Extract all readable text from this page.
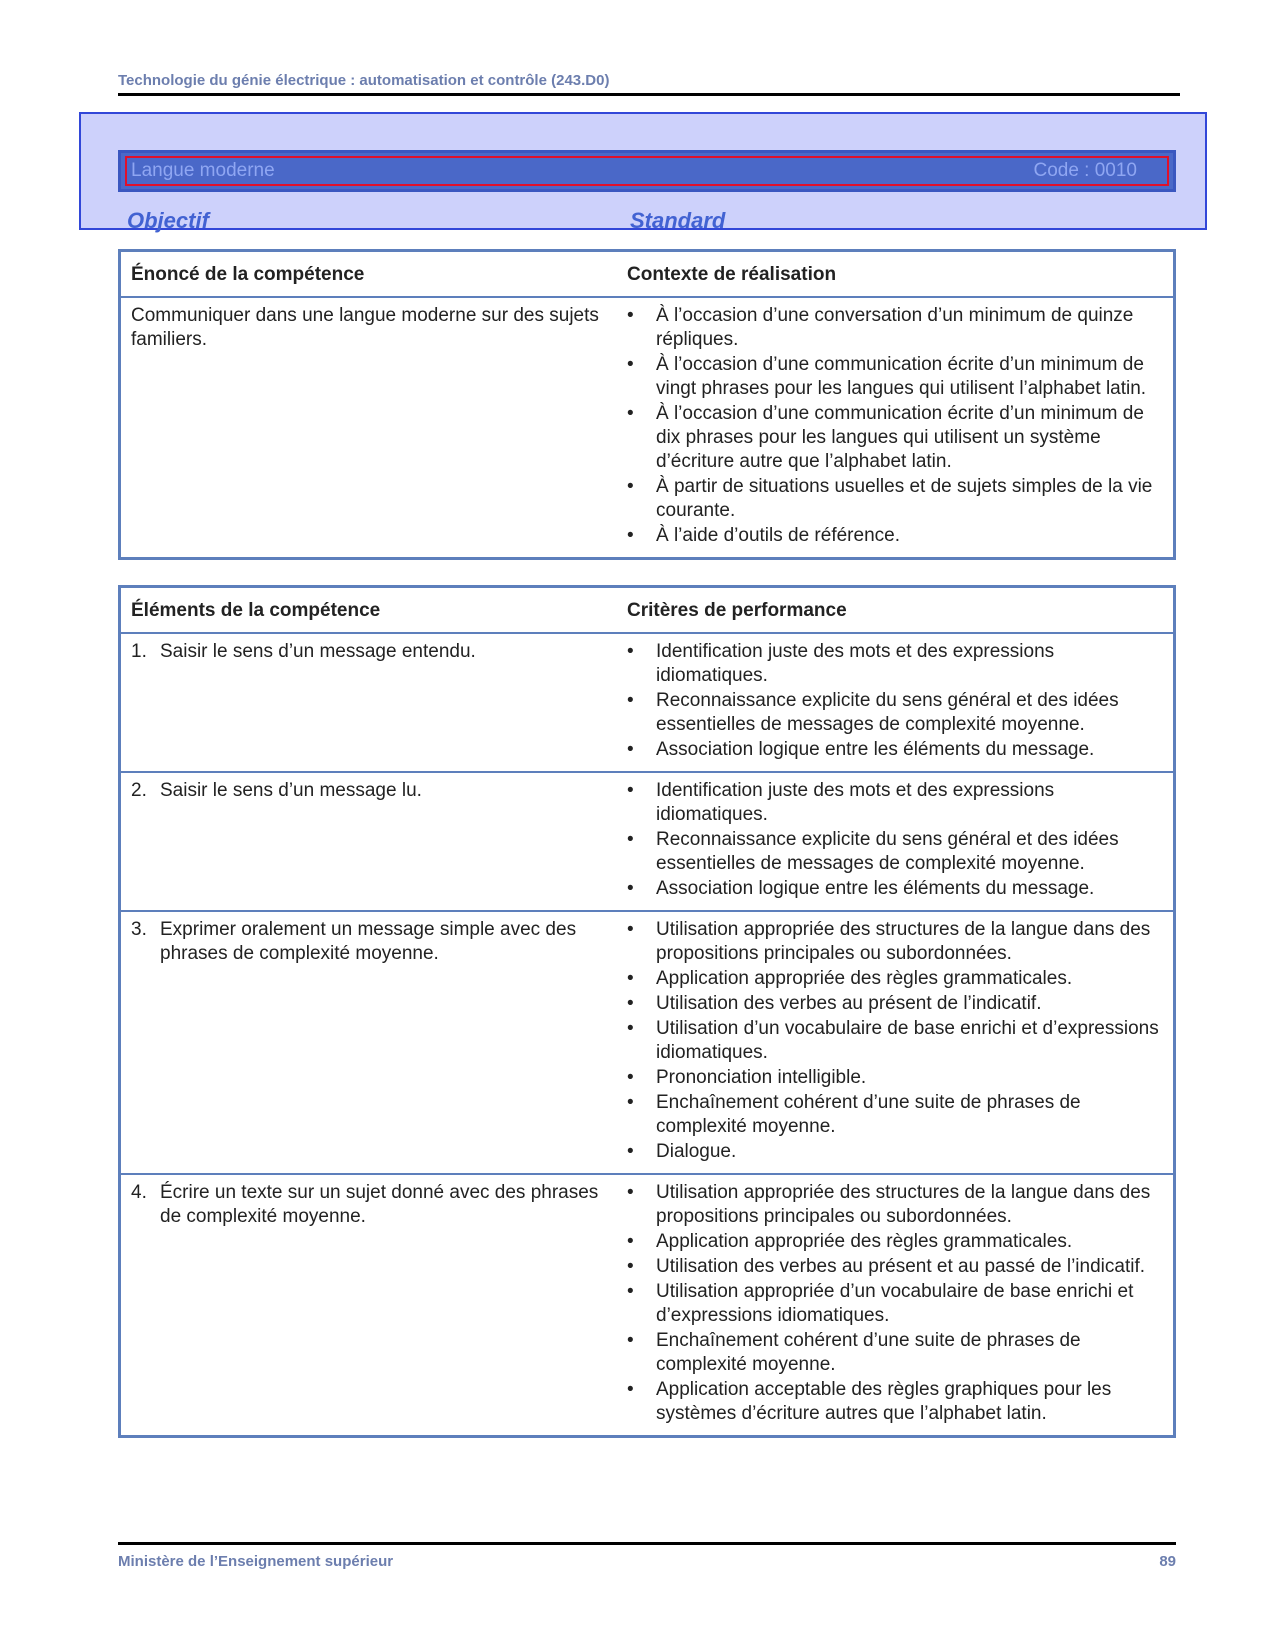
Technologie du génie électrique : automatisation et contrôle (243.D0)
Langue moderne	Code : 0010
Objectif	Standard
Énoncé de la compétence	Contexte de réalisation
Communiquer dans une langue moderne sur des sujets familiers.
• À l’occasion d’une conversation d’un minimum de quinze répliques.
• À l’occasion d’une communication écrite d’un minimum de vingt phrases pour les langues qui utilisent l’alphabet latin.
• À l’occasion d’une communication écrite d’un minimum de dix phrases pour les langues qui utilisent un système d’écriture autre que l’alphabet latin.
• À partir de situations usuelles et de sujets simples de la vie courante.
• À l’aide d’outils de référence.
Éléments de la compétence	Critères de performance
1. Saisir le sens d’un message entendu.	• Identification juste des mots et des expressions idiomatiques.
• Reconnaissance explicite du sens général et des idées essentielles de messages de complexité moyenne.
• Association logique entre les éléments du message.
2. Saisir le sens d’un message lu.	• Identification juste des mots et des expressions idiomatiques.
• Reconnaissance explicite du sens général et des idées essentielles de messages de complexité moyenne.
• Association logique entre les éléments du message.
3. Exprimer oralement un message simple avec des phrases de complexité moyenne.
• Utilisation appropriée des structures de la langue dans des propositions principales ou subordonnées.
• Application appropriée des règles grammaticales.
• Utilisation des verbes au présent de l’indicatif.
• Utilisation d’un vocabulaire de base enrichi et d’expressions idiomatiques.
• Prononciation intelligible.
• Enchaînement cohérent d’une suite de phrases de complexité moyenne.
• Dialogue.
4. Écrire un texte sur un sujet donné avec des phrases de complexité moyenne.
• Utilisation appropriée des structures de la langue dans des propositions principales ou subordonnées.
• Application appropriée des règles grammaticales.
• Utilisation des verbes au présent et au passé de l’indicatif.
• Utilisation appropriée d’un vocabulaire de base enrichi et d’expressions idiomatiques.
• Enchaînement cohérent d’une suite de phrases de complexité moyenne.
• Application acceptable des règles graphiques pour les systèmes d’écriture autres que l’alphabet latin.
Ministère de l’Enseignement supérieur	89
